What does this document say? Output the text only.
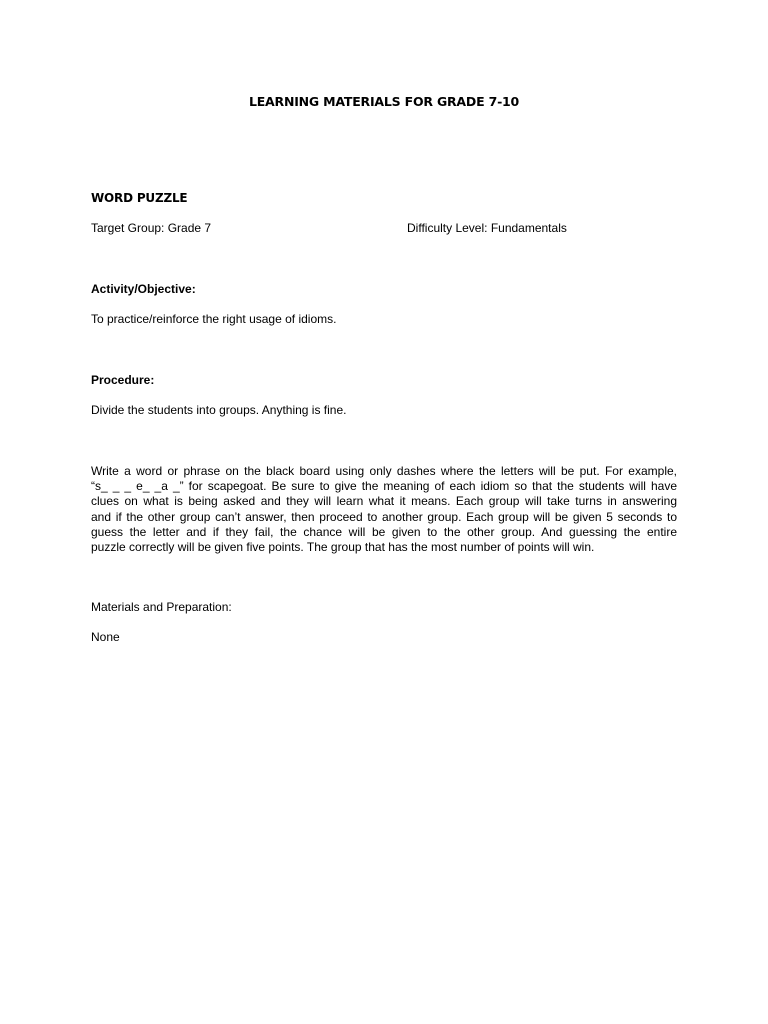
LEARNING MATERIALS FOR GRADE 7-10
WORD PUZZLE
Target Group: Grade 7	Difficulty Level: Fundamentals
Activity/Objective:
To practice/reinforce the right usage of idioms.
Procedure:
Divide the students into groups. Anything is fine.
Write a word or phrase on the black board using only dashes where the letters will be put. For example,
“s_ _ _ e_ _a _” for scapegoat. Be sure to give the meaning of each idiom so that the students will have
clues on what is being asked and they will learn what it means. Each group will take turns in answering
and if the other group can’t answer, then proceed to another group. Each group will be given 5 seconds to
guess the letter and if they fail, the chance will be given to the other group. And guessing the entire
puzzle correctly will be given five points. The group that has the most number of points will win.
Materials and Preparation:
None
